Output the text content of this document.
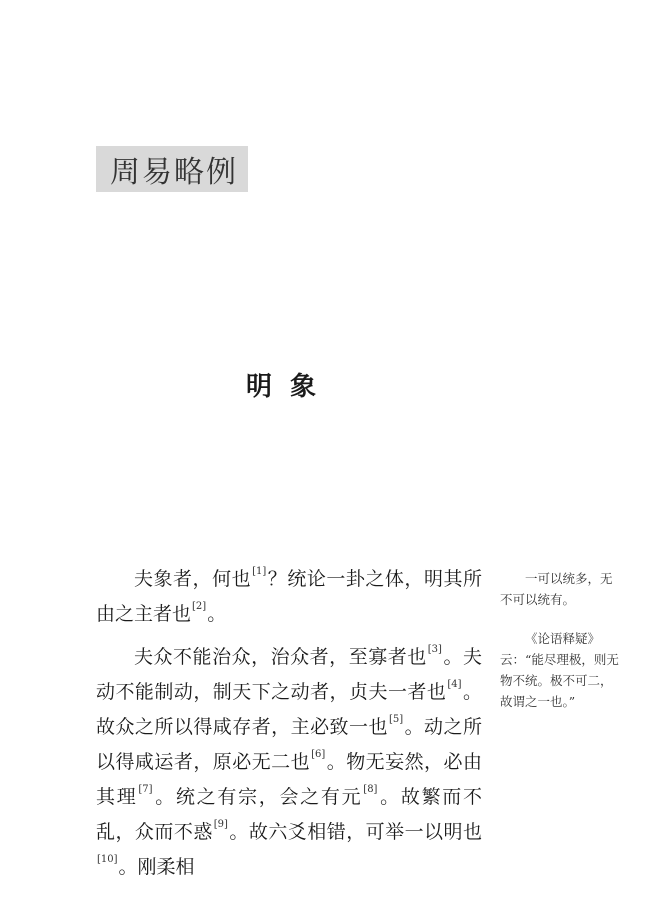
周易略例
明象

夫象者，何也[1]？统论一卦之体，明其所由之主者也[2]。

夫众不能治众，治众者，至寡者也[3]。夫动不能制动，制天下之动者，贞夫一者也[4]。故众之所以得咸存者，主必致一也[5]。动之所以得咸运者，原必无二也[6]。物无妄然，必由其理[7]。统之有宗，会之有元[8]。故繁而不乱，众而不惑[9]。故六爻相错，可举一以明也[10]。刚柔相

一可以统多，无不可以统有。

《论语释疑》云：“能尽理极，则无物不统。极不可二，故谓之一也。”
